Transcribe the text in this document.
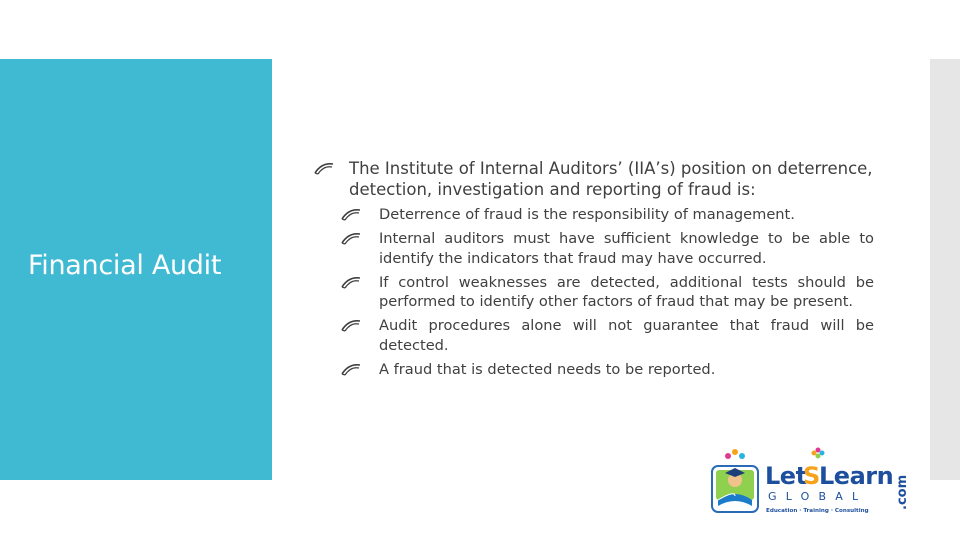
Financial Audit
The Institute of Internal Auditors’ (IIA’s) position on deterrence, detection, investigation and reporting of fraud is:
Deterrence of fraud is the responsibility of management.
Internal auditors must have sufficient knowledge to be able to identify the indicators that fraud may have occurred.
If control weaknesses are detected, additional tests should be performed to identify other factors of fraud that may be present.
Audit procedures alone will not guarantee that fraud will be detected.
A fraud that is detected needs to be reported.
Let
S
Learn
GLOBAL
Education · Training · Consulting
.com
